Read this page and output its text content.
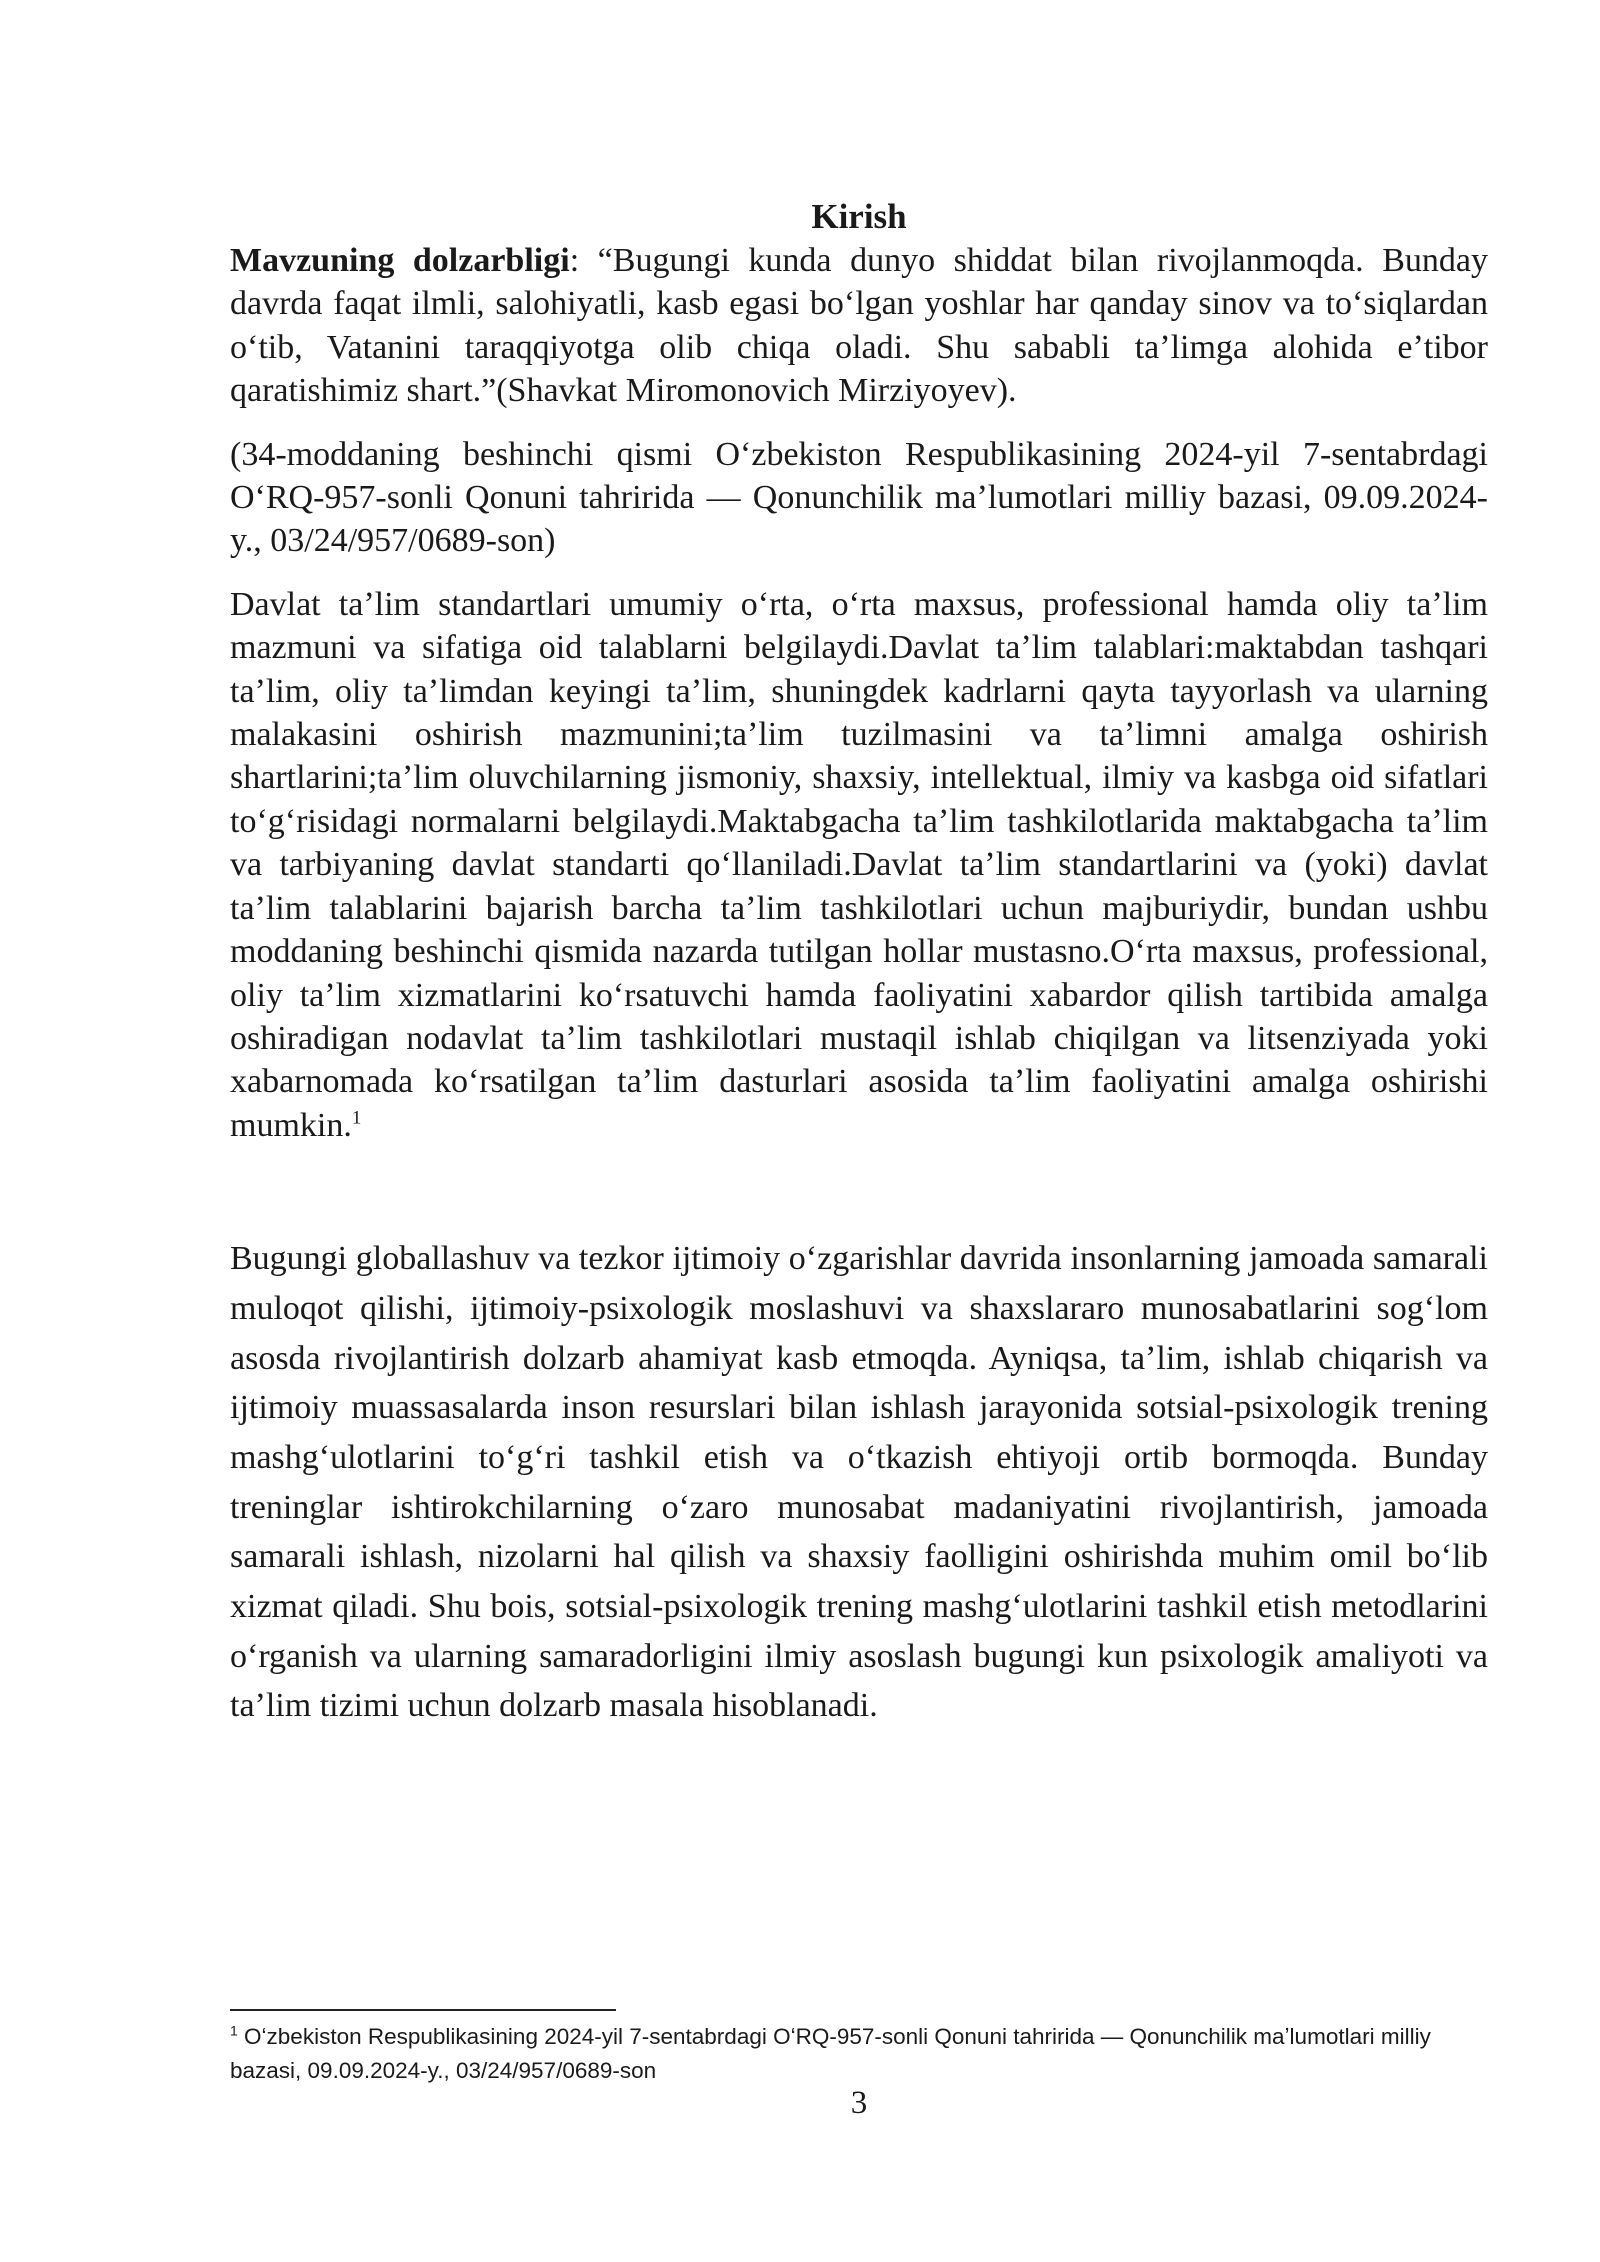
Kirish

Mavzuning dolzarbligi: “Bugungi kunda dunyo shiddat bilan rivojlanmoqda. Bunday davrda faqat ilmli, salohiyatli, kasb egasi boʻlgan yoshlar har qanday sinov va toʻsiqlardan oʻtib, Vatanini taraqqiyotga olib chiqa oladi. Shu sababli taʼlimga alohida eʼtibor qaratishimiz shart.”(Shavkat Miromonovich Mirziyoyev).

(34-moddaning beshinchi qismi Oʻzbekiston Respublikasining 2024-yil 7-sentabrdagi OʻRQ-957-sonli Qonuni tahririda — Qonunchilik maʼlumotlari milliy bazasi, 09.09.2024-y., 03/24/957/0689-son)

Davlat taʼlim standartlari umumiy oʻrta, oʻrta maxsus, professional hamda oliy taʼlim mazmuni va sifatiga oid talablarni belgilaydi.Davlat taʼlim talablari:maktabdan tashqari taʼlim, oliy taʼlimdan keyingi taʼlim, shuningdek kadrlarni qayta tayyorlash va ularning malakasini oshirish mazmunini;taʼlim tuzilmasini va taʼlimni amalga oshirish shartlarini;taʼlim oluvchilarning jismoniy, shaxsiy, intellektual, ilmiy va kasbga oid sifatlari toʻgʻrisidagi normalarni belgilaydi.Maktabgacha taʼlim tashkilotlarida maktabgacha taʼlim va tarbiyaning davlat standarti qoʻllaniladi.Davlat taʼlim standartlarini va (yoki) davlat taʼlim talablarini bajarish barcha taʼlim tashkilotlari uchun majburiydir, bundan ushbu moddaning beshinchi qismida nazarda tutilgan hollar mustasno.Oʻrta maxsus, professional, oliy taʼlim xizmatlarini koʻrsatuvchi hamda faoliyatini xabardor qilish tartibida amalga oshiradigan nodavlat taʼlim tashkilotlari mustaqil ishlab chiqilgan va litsenziyada yoki xabarnomada koʻrsatilgan taʼlim dasturlari asosida taʼlim faoliyatini amalga oshirishi mumkin.$^1$

Bugungi globallashuv va tezkor ijtimoiy oʻzgarishlar davrida insonlarning jamoada samarali muloqot qilishi, ijtimoiy-psixologik moslashuvi va shaxslararo munosabatlarini sogʻlom asosda rivojlantirish dolzarb ahamiyat kasb etmoqda. Ayniqsa, taʼlim, ishlab chiqarish va ijtimoiy muassasalarda inson resurslari bilan ishlash jarayonida sotsial-psixologik trening mashgʻulotlarini toʻgʻri tashkil etish va oʻtkazish ehtiyoji ortib bormoqda. Bunday treninglar ishtirokchilarning oʻzaro munosabat madaniyatini rivojlantirish, jamoada samarali ishlash, nizolarni hal qilish va shaxsiy faolligini oshirishda muhim omil boʻlib xizmat qiladi. Shu bois, sotsial-psixologik trening mashgʻulotlarini tashkil etish metodlarini oʻrganish va ularning samaradorligini ilmiy asoslash bugungi kun psixologik amaliyoti va taʼlim tizimi uchun dolzarb masala hisoblanadi.

$^1$ Oʻzbekiston Respublikasining 2024-yil 7-sentabrdagi OʻRQ-957-sonli Qonuni tahririda — Qonunchilik maʼlumotlari milliy bazasi, 09.09.2024-y., 03/24/957/0689-son
3
